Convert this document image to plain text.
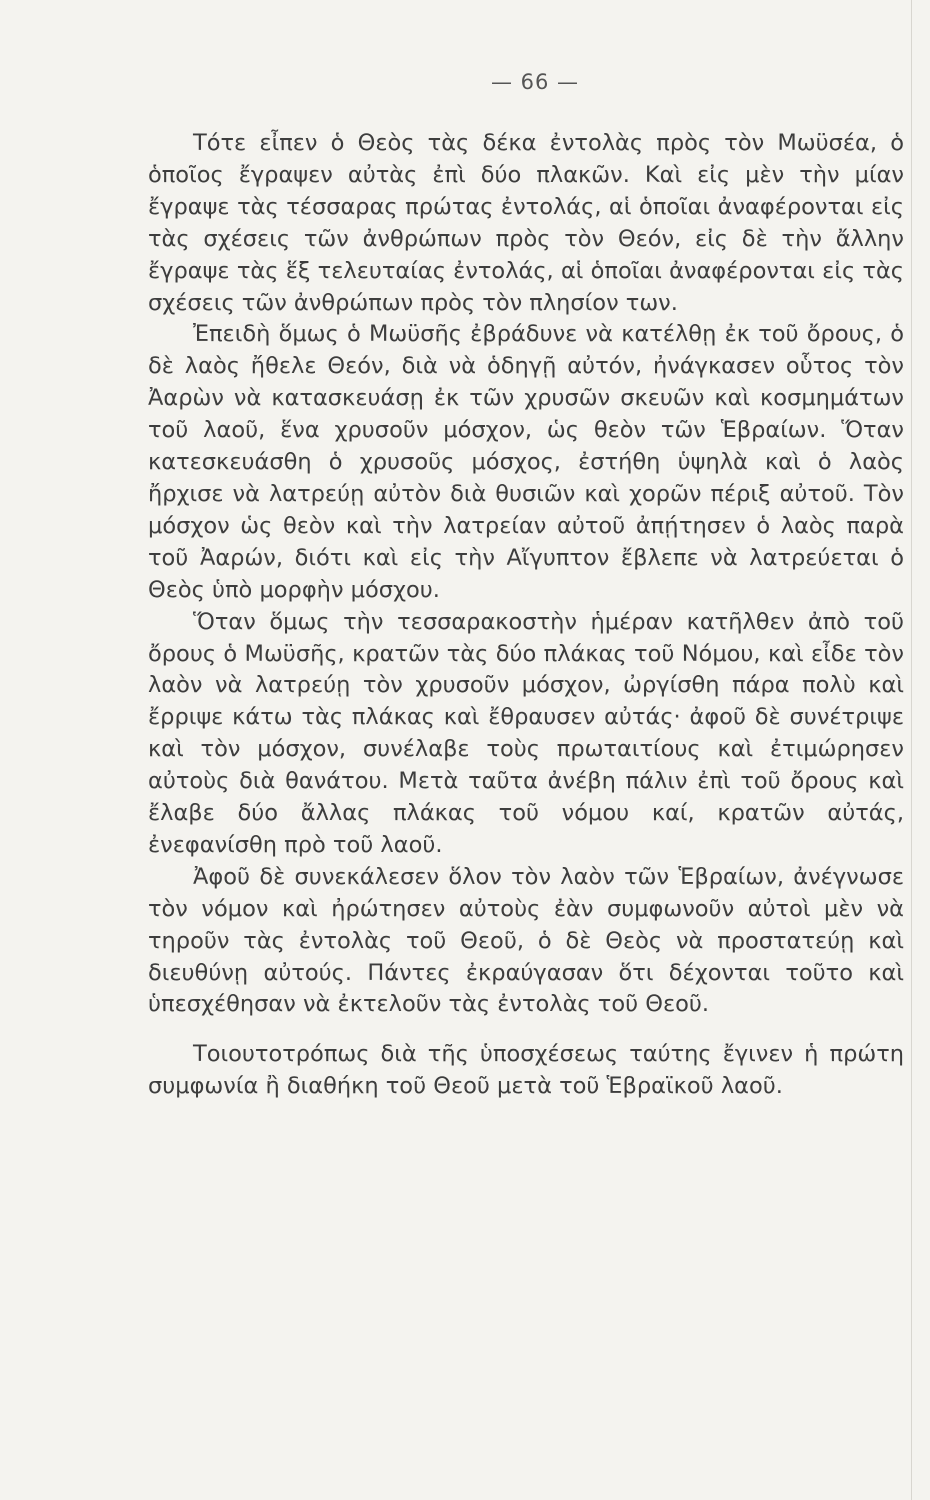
— 66 —

Τότε εἶπεν ὁ Θεὸς τὰς δέκα ἐντολὰς πρὸς τὸν Μωϋσέα, ὁ ὁποῖος ἔγραψεν αὐτὰς ἐπὶ δύο πλακῶν. Καὶ εἰς μὲν τὴν μίαν ἔγραψε τὰς τέσσαρας πρώτας ἐντολάς, αἱ ὁποῖαι ἀναφέρονται εἰς τὰς σχέσεις τῶν ἀνθρώπων πρὸς τὸν Θεόν, εἰς δὲ τὴν ἄλλην ἔγραψε τὰς ἕξ τελευταίας ἐντολάς, αἱ ὁποῖαι ἀναφέρονται εἰς τὰς σχέσεις τῶν ἀνθρώπων πρὸς τὸν πλησίον των.

Ἐπειδὴ ὅμως ὁ Μωϋσῆς ἐβράδυνε νὰ κατέλθῃ ἐκ τοῦ ὄρους, ὁ δὲ λαὸς ἤθελε Θεόν, διὰ νὰ ὁδηγῇ αὐτόν, ἠνάγκασεν οὗτος τὸν Ἀαρὼν νὰ κατασκευάσῃ ἐκ τῶν χρυσῶν σκευῶν καὶ κοσμημάτων τοῦ λαοῦ, ἕνα χρυσοῦν μόσχον, ὡς θεὸν τῶν Ἑβραίων. Ὅταν κατεσκευάσθη ὁ χρυσοῦς μόσχος, ἐστήθη ὑψηλὰ καὶ ὁ λαὸς ἤρχισε νὰ λατρεύῃ αὐτὸν διὰ θυσιῶν καὶ χορῶν πέριξ αὐτοῦ. Τὸν μόσχον ὡς θεὸν καὶ τὴν λατρείαν αὐτοῦ ἀπῄτησεν ὁ λαὸς παρὰ τοῦ Ἀαρών, διότι καὶ εἰς τὴν Αἴγυπτον ἔβλεπε νὰ λατρεύεται ὁ Θεὸς ὑπὸ μορφὴν μόσχου.

Ὅταν ὅμως τὴν τεσσαρακοστὴν ἡμέραν κατῆλθεν ἀπὸ τοῦ ὄρους ὁ Μωϋσῆς, κρατῶν τὰς δύο πλάκας τοῦ Νόμου, καὶ εἶδε τὸν λαὸν νὰ λατρεύῃ τὸν χρυσοῦν μόσχον, ὠργίσθη πάρα πολὺ καὶ ἔρριψε κάτω τὰς πλάκας καὶ ἔθραυσεν αὐτάς· ἀφοῦ δὲ συνέτριψε καὶ τὸν μόσχον, συνέλαβε τοὺς πρωταιτίους καὶ ἐτιμώρησεν αὐτοὺς διὰ θανάτου. Μετὰ ταῦτα ἀνέβη πάλιν ἐπὶ τοῦ ὄρους καὶ ἔλαβε δύο ἄλλας πλάκας τοῦ νόμου καί, κρατῶν αὐτάς, ἐνεφανίσθη πρὸ τοῦ λαοῦ.

Ἀφοῦ δὲ συνεκάλεσεν ὅλον τὸν λαὸν τῶν Ἑβραίων, ἀνέγνωσε τὸν νόμον καὶ ἠρώτησεν αὐτοὺς ἐὰν συμφωνοῦν αὐτοὶ μὲν νὰ τηροῦν τὰς ἐντολὰς τοῦ Θεοῦ, ὁ δὲ Θεὸς νὰ προστατεύῃ καὶ διευθύνῃ αὐτούς. Πάντες ἐκραύγασαν ὅτι δέχονται τοῦτο καὶ ὑπεσχέθησαν νὰ ἐκτελοῦν τὰς ἐντολὰς τοῦ Θεοῦ.

Τοιουτοτρόπως διὰ τῆς ὑποσχέσεως ταύτης ἔγινεν ἡ πρώτη συμφωνία ἢ διαθήκη τοῦ Θεοῦ μετὰ τοῦ Ἑβραϊκοῦ λαοῦ.
